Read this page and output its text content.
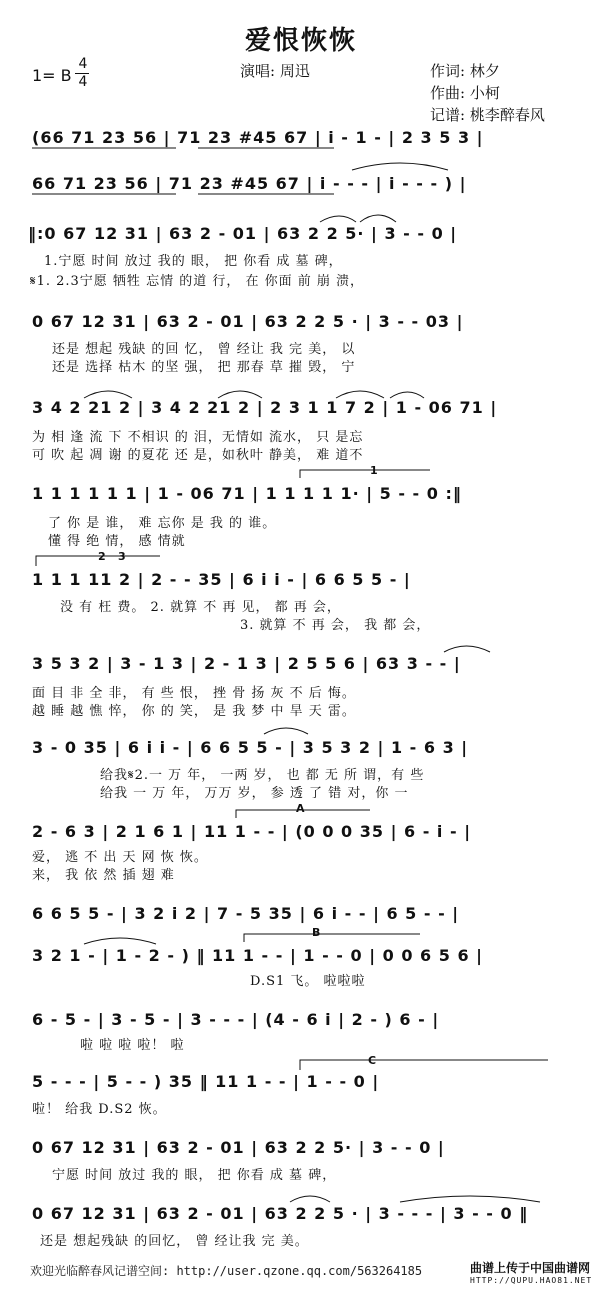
爱恨恢恢
演唱: 周迅	作词: 林夕
作曲: 小柯
记谱: 桃李醉春风
1= B
4
4
(66 71 23 56 | 71 23 #45 67 | i - 1 - | 2 3 5 3 |
66 71 23 56 | 71 23 #45 67 | i - - - | i - - - ) |
‖:0 67 12 31 | 63 2 - 01 | 63 2 2 5· | 3 - - 0 |
1.宁愿 时间 放过 我的 眼， 把 你看 成 墓 碑，
𝄋1. 2.3宁愿 牺牲 忘情 的道 行， 在 你面 前 崩 溃，
0 67 12 31 | 63 2 - 01 | 63 2 2 5 · | 3 - - 03 |
还是 想起 残缺 的回 忆， 曾 经让 我 完 美， 以
还是 选择 枯木 的坚 强， 把 那春 草 摧 毁， 宁
3 4 2 21 2 | 3 4 2 21 2 | 2 3 1 1 7 2 | 1 - 06 71 |
为 相 逢 流 下 不相识 的 泪，无情如 流水， 只 是忘
可 吹 起 凋 谢 的夏花 还 是，如秋叶 静美， 难 道不
1 1 1 1 1 1 | 1 - 06 71 | 1 1 1 1 1· | 5 - - 0 :‖
了 你 是 谁， 难 忘你 是 我 的 谁。
懂 得 绝 情， 感 情就
1 1 1 11 2 | 2 - - 35 | 6 i i - | 6 6 5 5 - |
没 有 枉 费。 2. 就算 不 再 见， 都 再 会，
3. 就算 不 再 会， 我 都 会，
3 5 3 2 | 3 - 1 3 | 2 - 1 3 | 2 5 5 6 | 63 3 - - |
面 目 非 全 非， 有 些 恨， 挫 骨 扬 灰 不 后 悔。
越 睡 越 憔 悴， 你 的 笑， 是 我 梦 中 旱 天 雷。
3 - 0 35 | 6 i i - | 6 6 5 5 - | 3 5 3 2 | 1 - 6 3 |
给我𝄋2.一 万 年， 一两 岁， 也 都 无 所 谓，有 些
给我 一 万 年， 万万 岁， 参 透 了 错 对，你 一
2 - 6 3 | 2 1 6 1 | 11 1 - - | (0 0 0 35 | 6 - i - |
爱， 逃 不 出 天 网 恢 恢。
来， 我 依 然 插 翅 难
6 6 5 5 - | 3 2 i 2 | 7 - 5 35 | 6 i - - | 6 5 - - |
3 2 1 - | 1 - 2 - ) ‖ 11 1 - - | 1 - - 0 | 0 0 6 5 6 |
D.S1 飞。 啦啦啦
6 - 5 - | 3 - 5 - | 3 - - - | (4 - 6 i | 2 - ) 6 - |
啦 啦 啦 啦！ 啦
5 - - - | 5 - - ) 35 ‖ 11 1 - - | 1 - - 0 |
啦！ 给我 D.S2 恢。
0 67 12 31 | 63 2 - 01 | 63 2 2 5· | 3 - - 0 |
宁愿 时间 放过 我的 眼， 把 你看 成 墓 碑，
0 67 12 31 | 63 2 - 01 | 63 2 2 5 · | 3 - - - | 3 - - 0 ‖
还是 想起残缺 的回忆， 曾 经让我 完 美。
1
2 3
A
B
C
欢迎光临醉春风记谱空间: http://user.qzone.qq.com/563264185	曲谱上传于中国曲谱网
HTTP://QUPU.HAO81.NET
